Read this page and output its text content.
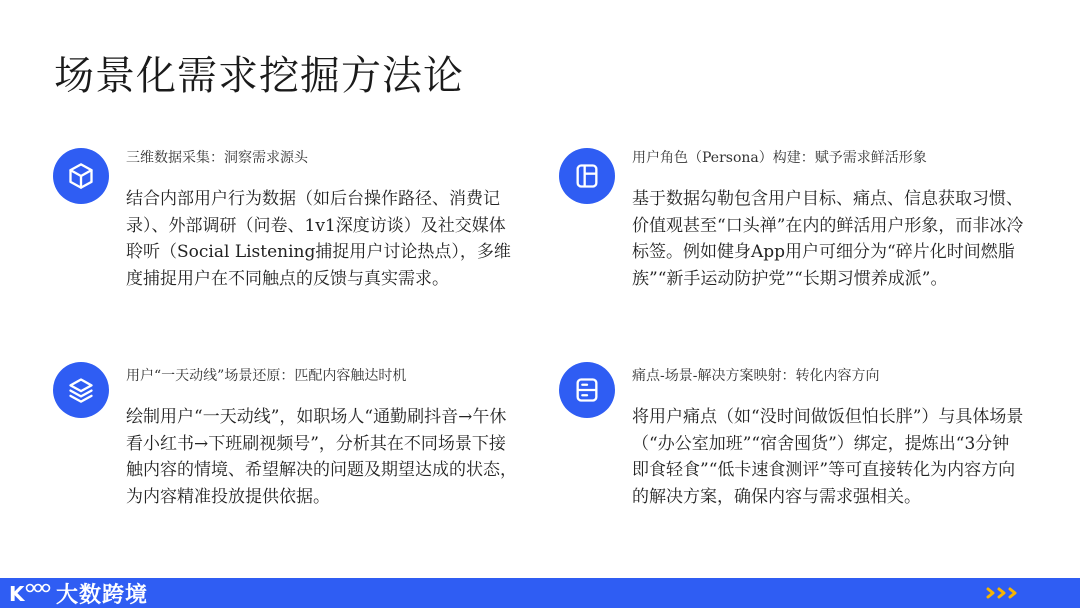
场景化需求挖掘方法论
三维数据采集：洞察需求源头
结合内部用户行为数据（如后台操作路径、消费记录）、外部调研（问卷、1v1深度访谈）及社交媒体聆听（Social Listening捕捉用户讨论热点），多维度捕捉用户在不同触点的反馈与真实需求。
用户角色（Persona）构建：赋予需求鲜活形象
基于数据勾勒包含用户目标、痛点、信息获取习惯、价值观甚至“口头禅”在内的鲜活用户形象，而非冰冷标签。例如健身App用户可细分为“碎片化时间燃脂族”“新手运动防护党”“长期习惯养成派”。
用户“一天动线”场景还原：匹配内容触达时机
绘制用户“一天动线”，如职场人“通勤刷抖音→午休看小红书→下班刷视频号”，分析其在不同场景下接触内容的情境、希望解决的问题及期望达成的状态，为内容精准投放提供依据。
痛点-场景-解决方案映射：转化内容方向
将用户痛点（如“没时间做饭但怕长胖”）与具体场景（“办公室加班”“宿舍囤货”）绑定，提炼出“3分钟即食轻食”“低卡速食测评”等可直接转化为内容方向的解决方案，确保内容与需求强相关。
K 大数跨境
